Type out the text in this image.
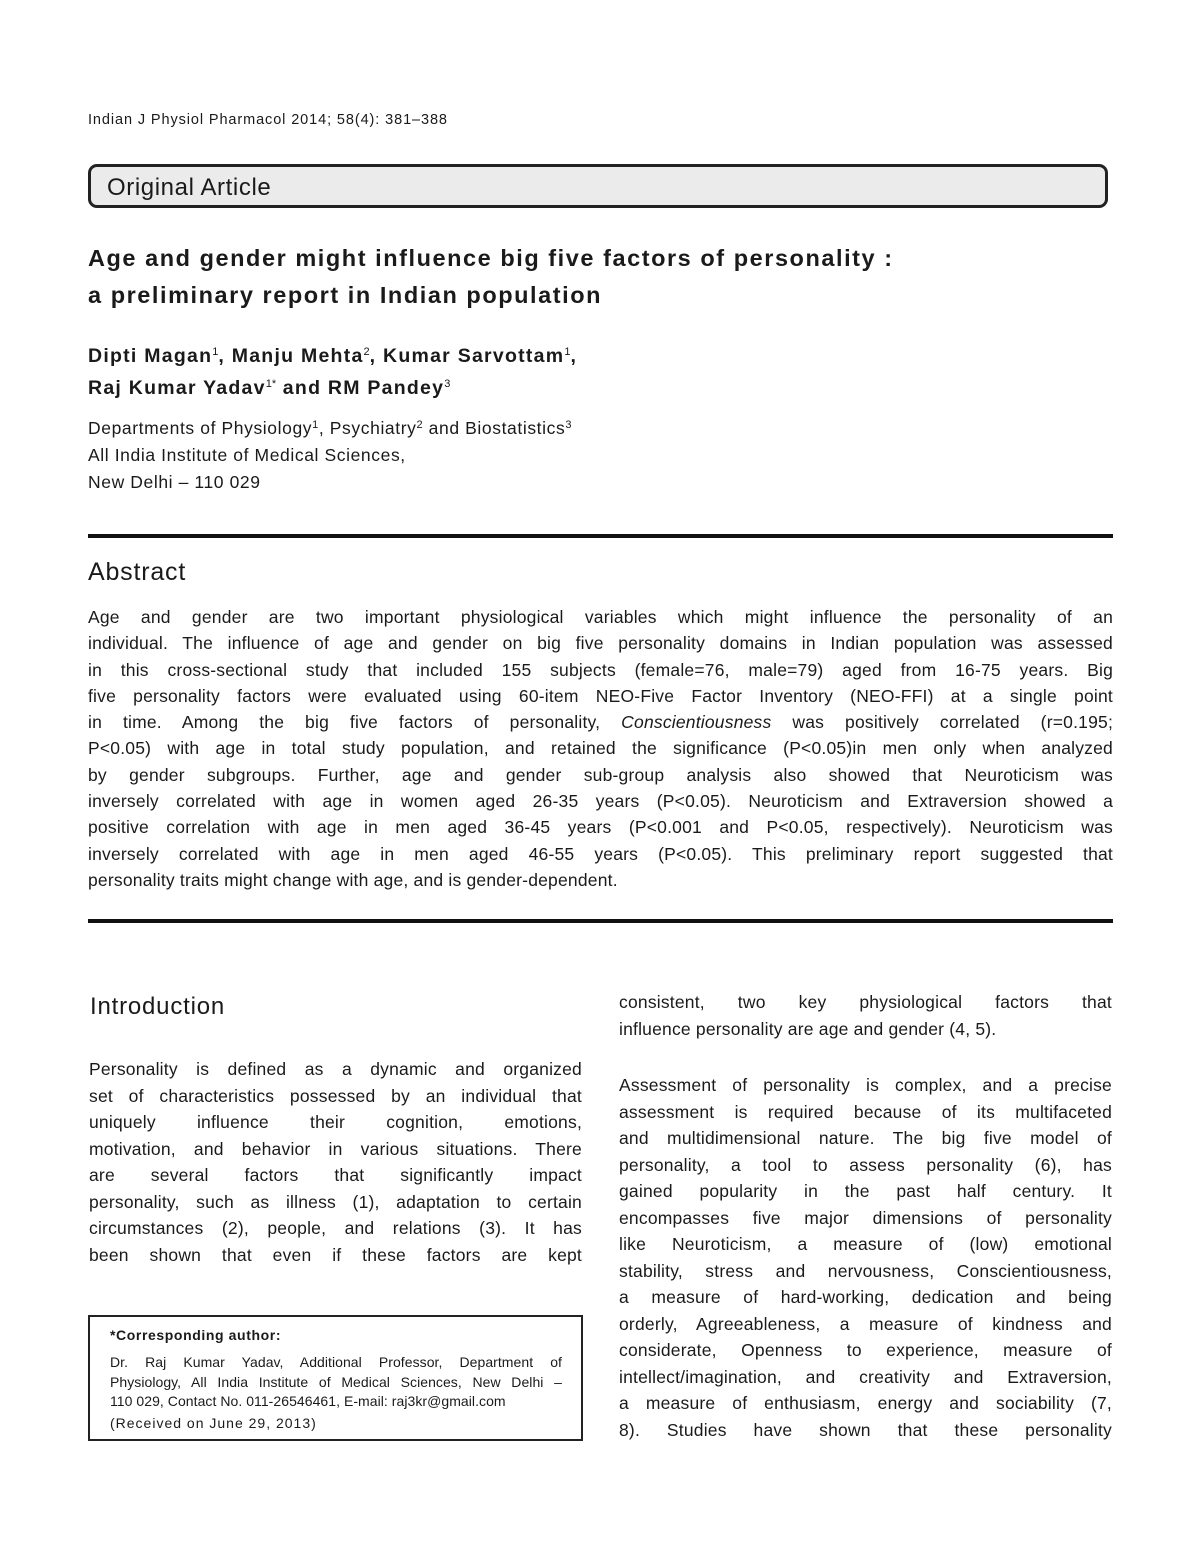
Indian J Physiol Pharmacol 2014; 58(4): 381–388
Original Article
Age and gender might influence big five factors of personality :
a preliminary report in Indian population
Dipti Magan$^1$, Manju Mehta$^2$, Kumar Sarvottam$^1$,
Raj Kumar Yadav$^{1*}$ and RM Pandey$^3$
Departments of Physiology$^1$, Psychiatry$^2$ and Biostatistics$^3$
All India Institute of Medical Sciences,
New Delhi – 110 029
Abstract
Age and gender are two important physiological variables which might influence the personality of an
individual. The influence of age and gender on big five personality domains in Indian population was assessed
in this cross-sectional study that included 155 subjects (female=76, male=79) aged from 16-75 years. Big
five personality factors were evaluated using 60-item NEO-Five Factor Inventory (NEO-FFI) at a single point
in time. Among the big five factors of personality, Conscientiousness was positively correlated (r=0.195;
P<0.05) with age in total study population, and retained the significance (P<0.05)in men only when analyzed
by gender subgroups. Further, age and gender sub-group analysis also showed that Neuroticism was
inversely correlated with age in women aged 26-35 years (P<0.05). Neuroticism and Extraversion showed a
positive correlation with age in men aged 36-45 years (P<0.001 and P<0.05, respectively). Neuroticism was
inversely correlated with age in men aged 46-55 years (P<0.05). This preliminary report suggested that
personality traits might change with age, and is gender-dependent.
Introduction
Personality is defined as a dynamic and organized
set of characteristics possessed by an individual that
uniquely influence their cognition, emotions,
motivation, and behavior in various situations. There
are several factors that significantly impact
personality, such as illness (1), adaptation to certain
circumstances (2), people, and relations (3). It has
been shown that even if these factors are kept
consistent, two key physiological factors that
influence personality are age and gender (4, 5).
Assessment of personality is complex, and a precise
assessment is required because of its multifaceted
and multidimensional nature. The big five model of
personality, a tool to assess personality (6), has
gained popularity in the past half century. It
encompasses five major dimensions of personality
like Neuroticism, a measure of (low) emotional
stability, stress and nervousness, Conscientiousness,
a measure of hard-working, dedication and being
orderly, Agreeableness, a measure of kindness and
considerate, Openness to experience, measure of
intellect/imagination, and creativity and Extraversion,
a measure of enthusiasm, energy and sociability (7,
8). Studies have shown that these personality
*Corresponding author:
Dr. Raj Kumar Yadav, Additional Professor, Department of
Physiology, All India Institute of Medical Sciences, New Delhi –
110 029, Contact No. 011-26546461, E-mail: raj3kr@gmail.com
(Received on June 29, 2013)
